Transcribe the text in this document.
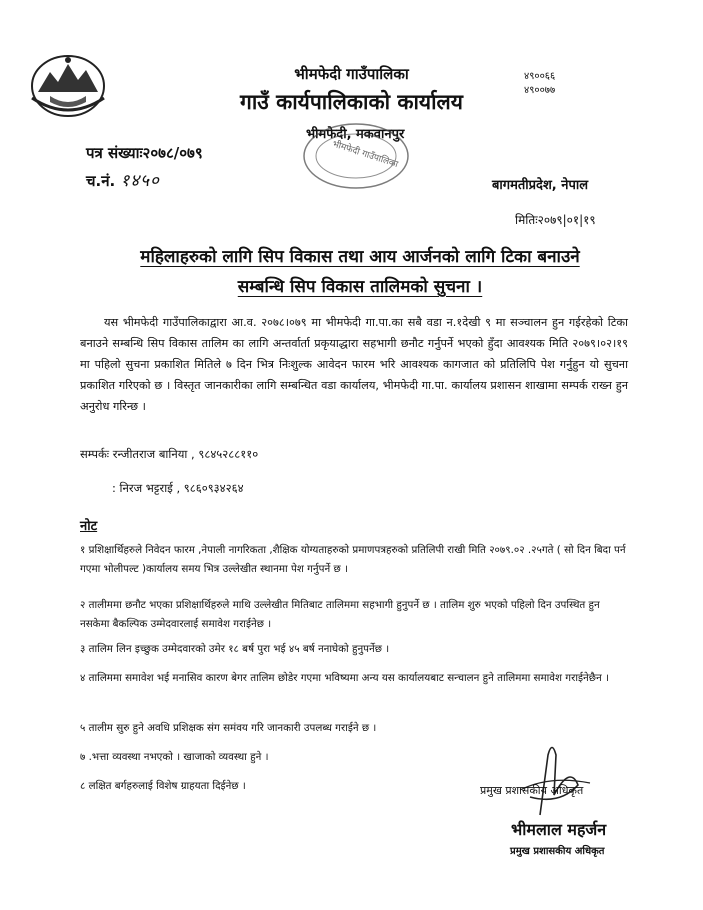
भीमफेदी गाउँपालिका
गाउँ कार्यपालिकाको कार्यालय
भीमफेदी, मकवानपुर
४९००६६
४९००७७
भीमफेदी गाउँपालिका
पत्र संख्याः२०७८/०७९
च.नं. १४५०	बागमतीप्रदेश, नेपाल
मितिः२०७९|०१|१९
महिलाहरुको लागि सिप विकास तथा आय आर्जनको लागि टिका बनाउने
सम्बन्धि सिप विकास तालिमको सुचना ।
यस भीमफेदी गाउँपालिकाद्वारा आ.व. २०७८।०७९ मा भीमफेदी गा.पा.का सबै वडा न.१देखी ९ मा सञ्चालन हुन गईरहेको टिका बनाउने सम्बन्धि सिप विकास तालिम का लागि अन्तर्वार्ता प्रकृयाद्धारा सहभागी छनौट गर्नुपर्ने भएको हुँदा आवश्यक मिति २०७९।०२।१९ मा पहिलो सुचना प्रकाशित मितिले ७ दिन भित्र निःशुल्क आवेदन फारम भरि आवश्यक कागजात को प्रतिलिपि पेश गर्नुहुन यो सुचना प्रकाशित गरिएको छ । विस्तृत जानकारीका लागि सम्बन्धित वडा कार्यालय, भीमफेदी गा.पा. कार्यालय प्रशासन शाखामा सम्पर्क राख्न हुन अनुरोध गरिन्छ ।
सम्पर्कः रन्जीतराज बानिया , ९८४५२८८११०
: निरज भट्टराई , ९८६०९३४२६४
नोट
१ प्रशिक्षार्थिहरुले निवेदन फारम ,नेपाली नागरिकता ,शैक्षिक योग्यताहरुको प्रमाणपत्रहरुको प्रतिलिपी राखी मिति २०७९.०२ .२५गते ( सो दिन बिदा पर्न गएमा भोलीपल्ट )कार्यालय समय भित्र उल्लेखीत स्थानमा पेश गर्नुपर्ने छ ।
२ तालीममा छनौट भएका प्रशिक्षार्थिहरुले माथि उल्लेखीत मितिबाट तालिममा सहभागी हुनुपर्ने छ । तालिम शुरु भएको पहिलो दिन उपस्थित हुन नसकेमा बैकल्पिक उम्मेदवारलाई समावेश गराईनेछ ।
३ तालिम लिन इच्छुक उम्मेदवारको उमेर १८ बर्ष पुरा भई ४५ बर्ष ननाघेको हुनुपर्नेछ ।
४ तालिममा समावेश भई मनासिव कारण बेगर तालिम छोडेर गएमा भविष्यमा अन्य यस कार्यालयबाट सन्चालन हुने तालिममा समावेश गराईनेछैन ।
५ तालीम सुरु हुने अवधि प्रशिक्षक संग समंवय गरि जानकारी उपलब्ध गराईने छ ।
७ .भत्ता व्यवस्था नभएको । खाजाको व्यवस्था हुने ।
८ लक्षित बर्गहरुलाई विशेष ग्राहयता दिईनेछ ।	प्रमुख प्रशासकीय अधिकृत
भीमलाल महर्जन
प्रमुख प्रशासकीय अधिकृत
